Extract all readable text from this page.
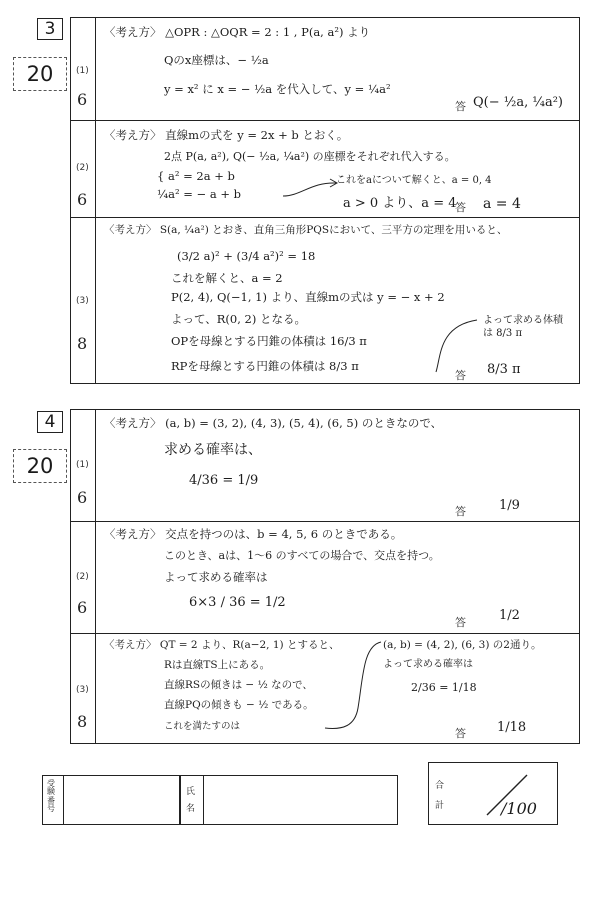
3
20	(1)
6
〈考え方〉 △OPR : △OQR = 2 : 1 , P(a, a²) より
Qのx座標は、− ½a
y = x² に x = − ½a を代入して、y = ¼a²
答 Q(− ½a, ¼a²)
(2)
6
〈考え方〉 直線mの式を y = 2x + b とおく。
2点 P(a, a²), Q(− ½a, ¼a²) の座標をそれぞれ代入する。
{ a² = 2a + b
¼a² = − a + b
これをaについて解くと、a = 0, 4
a > 0 より、a = 4
答 a = 4
(3)
8
〈考え方〉 S(a, ¼a²) とおき、直角三角形PQSにおいて、三平方の定理を用いると、
(3/2 a)² + (3/4 a²)² = 18
これを解くと、a = 2
P(2, 4), Q(−1, 1) より、直線mの式は y = − x + 2
よって、R(0, 2) となる。
OPを母線とする円錐の体積は 16/3 π
RPを母線とする円錐の体積は 8/3 π
よって求める体積は 8/3 π
答 8/3 π
4
20	(1)
6
〈考え方〉 (a, b) = (3, 2), (4, 3), (5, 4), (6, 5) のときなので、
求める確率は、
4/36 = 1/9
答	1/9
(2)
6
〈考え方〉 交点を持つのは、b = 4, 5, 6 のときである。
このとき、aは、1〜6 のすべての場合で、交点を持つ。
よって求める確率は
6×3 / 36 = 1/2
答	1/2
(3)
8
〈考え方〉 QT = 2 より、R(a−2, 1) とすると、
Rは直線TS上にある。
直線RSの傾きは − ½ なので、
直線PQの傾きも − ½ である。
これを満たすのは
(a, b) = (4, 2), (6, 3) の2通り。
よって求める確率は
2/36 = 1/18
答 1/18
受験番号
氏名
合計	/100
